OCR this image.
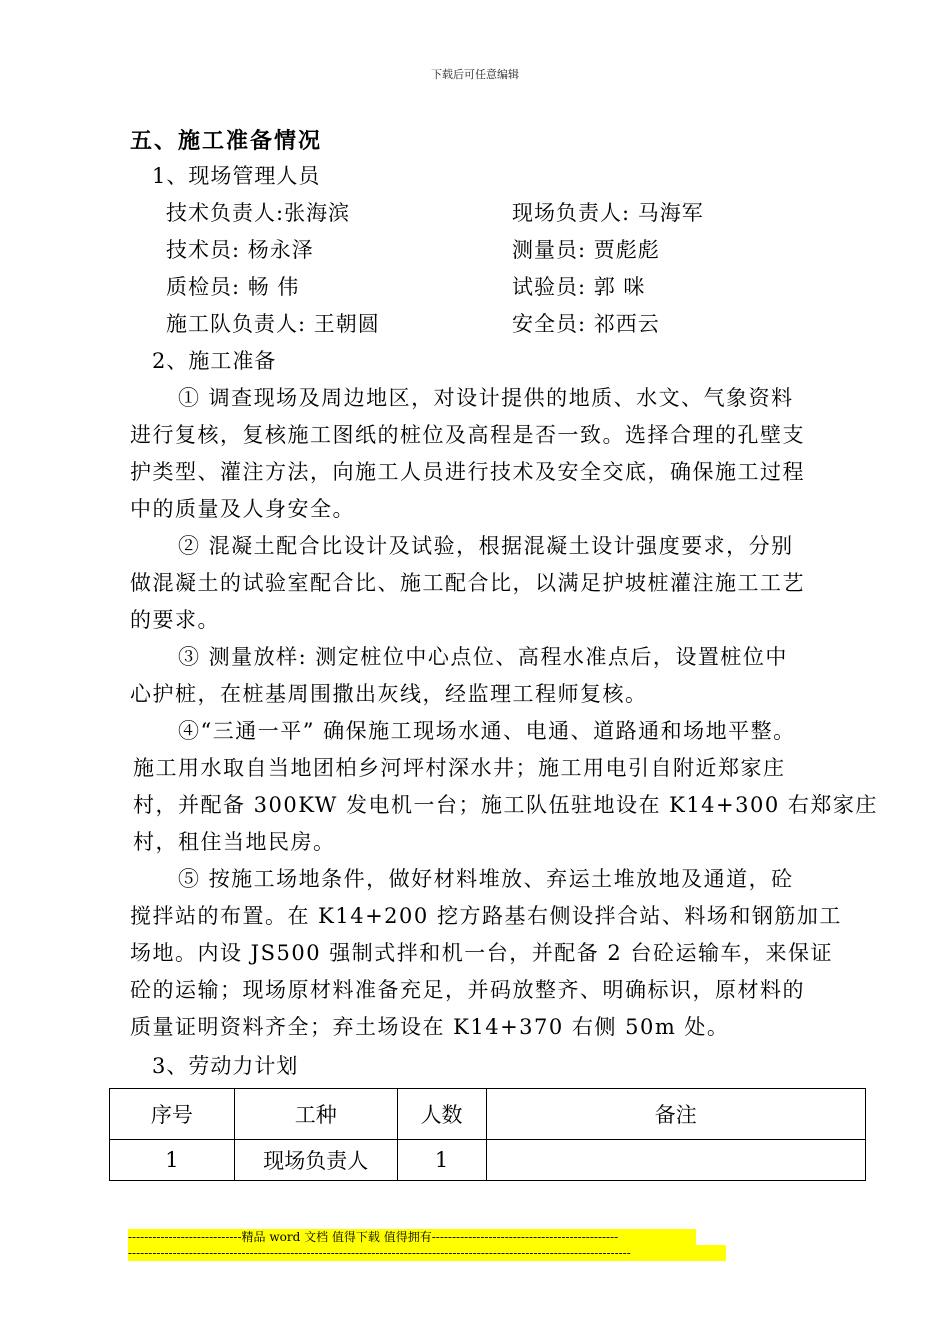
下载后可任意编辑
五、施工准备情况
1、现场管理人员
技术负责人:张海滨	现场负责人: 马海军
技术员: 杨永泽	测量员: 贾彪彪
质检员: 畅 伟	试验员: 郭 咪
施工队负责人: 王朝圆	安全员: 祁西云
2、施工准备
① 调查现场及周边地区，对设计提供的地质、水文、气象资料
进行复核，复核施工图纸的桩位及高程是否一致。选择合理的孔壁支
护类型、灌注方法，向施工人员进行技术及安全交底，确保施工过程
中的质量及人身安全。
② 混凝土配合比设计及试验，根据混凝土设计强度要求，分别
做混凝土的试验室配合比、施工配合比，以满足护坡桩灌注施工工艺
的要求。
③ 测量放样: 测定桩位中心点位、高程水准点后，设置桩位中
心护桩，在桩基周围撒出灰线，经监理工程师复核。
④“三通一平” 确保施工现场水通、电通、道路通和场地平整。
施工用水取自当地团柏乡河坪村深水井；施工用电引自附近郑家庄
村，并配备 300KW 发电机一台；施工队伍驻地设在 K14+300 右郑家庄
村，租住当地民房。
⑤ 按施工场地条件，做好材料堆放、弃运土堆放地及通道，砼
搅拌站的布置。在 K14+200 挖方路基右侧设拌合站、料场和钢筋加工
场地。内设 JS500 强制式拌和机一台，并配备 2 台砼运输车，来保证
砼的运输；现场原材料准备充足，并码放整齐、明确标识，原材料的
质量证明资料齐全；弃土场设在 K14+370 右侧 50m 处。
3、劳动力计划
序号	工种	人数	备注
1	现场负责人	1	
----------------------------精品 word 文档 值得下载 值得拥有----------------------------------------------
----------------------------------------------------------------------------------------------------------------------------
